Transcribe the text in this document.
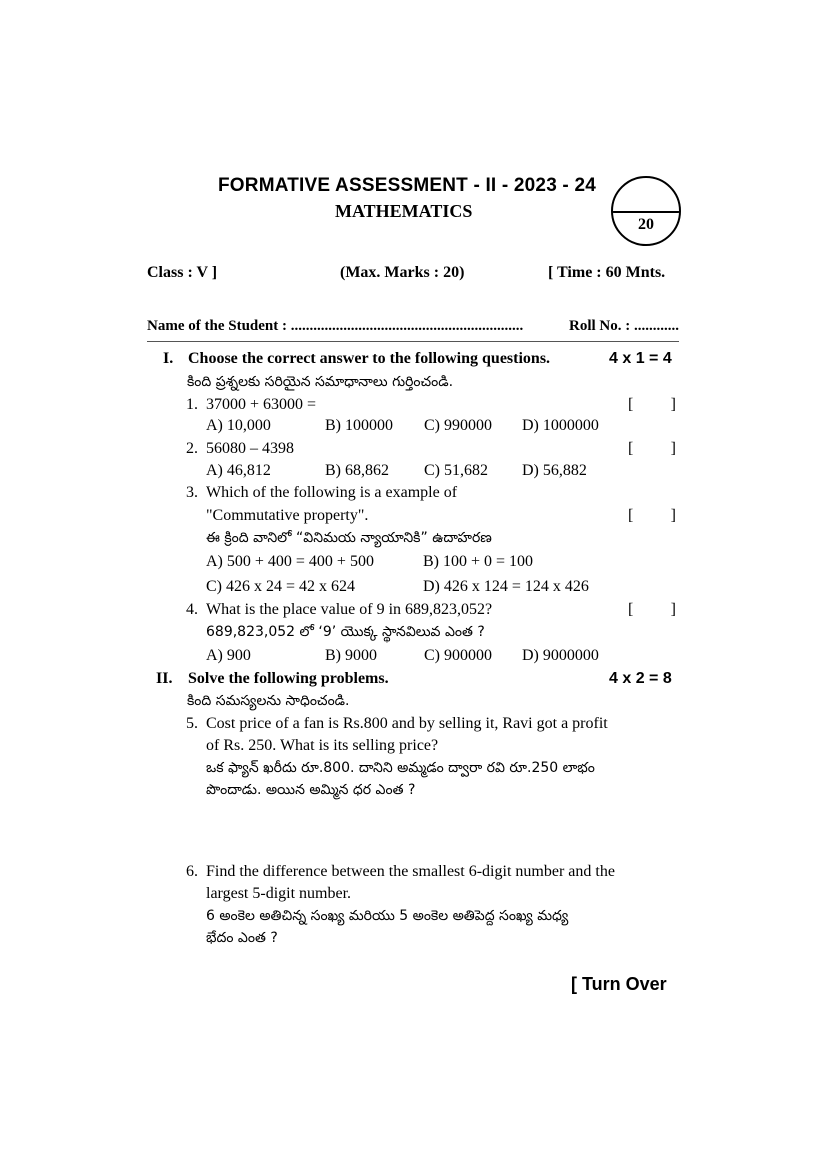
FORMATIVE ASSESSMENT - II - 2023 - 24
MATHEMATICS
20
Class : V ]	(Max. Marks : 20)	[ Time : 60 Mnts.
Name of the Student : ..............................................................	Roll No. : ............
I. Choose the correct answer to the following questions.	4 x 1 = 4
కింది ప్రశ్నలకు సరియైన సమాధానాలు గుర్తించండి.
1. 37000 + 63000 =	[ ]
A) 10,000	B) 100000 C) 990000 D) 1000000
2. 56080 – 4398	[ ]
A) 46,812	B) 68,862 C) 51,682 D) 56,882
3. Which of the following is a example of
"Commutative property".	[ ]
ఈ క్రింది వానిలో “వినిమయ న్యాయానికి” ఉదాహరణ
A) 500 + 400 = 400 + 500	B) 100 + 0 = 100
C) 426 x 24 = 42 x 624	D) 426 x 124 = 124 x 426
4. What is the place value of 9 in 689,823,052?	[ ]
689,823,052 లో ‘9’ యొక్క స్థానవిలువ ఎంత ?
A) 900	B) 9000	C) 900000 D) 9000000
II. Solve the following problems.	4 x 2 = 8
కింది సమస్యలను సాధించండి.
5. Cost price of a fan is Rs.800 and by selling it, Ravi got a profit
of Rs. 250. What is its selling price?
ఒక ఫ్యాన్ ఖరీదు రూ.800. దానిని అమ్మడం ద్వారా రవి రూ.250 లాభం
పొందాడు. అయిన అమ్మిన ధర ఎంత ?
6. Find the difference between the smallest 6-digit number and the
largest 5-digit number.
6 అంకెల అతిచిన్న సంఖ్య మరియు 5 అంకెల అతిపెద్ద సంఖ్య మధ్య
భేదం ఎంత ?
[ Turn Over
